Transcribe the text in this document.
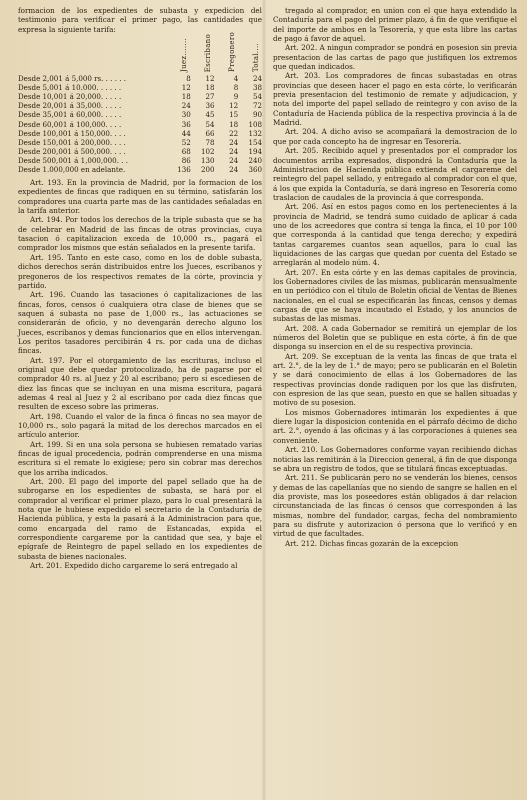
formacion de los expedientes de subasta y expedicion del testimonio para verificar el primer pago, las cantidades que expresa la siguiente tarifa:

Juez....... Escribano Pregonero Total....
Desde 2,001 á 5,000 rs. . . . . .	8	12	4	24
Desde 5,001 á 10.000. . . . . .	12	18	8	38
Desde 10,001 á 20,000. . . . .	18	27	9	54
Desde 20,001 á 35,000. . . . .	24	36	12	72
Desde 35,001 á 60,000. . . . .	30	45	15	90
Desde 60,001 á 100,000. . . .	36	54	18	108
Desde 100,001 á 150,000. . . .	44	66	22	132
Desde 150,001 á 200,000. . . .	52	78	24	154
Desde 200,001 á 500,000. . . .	68	102	24	194
Desde 500,001 á 1,000,000. . .	86	130	24	240
Desde 1.000,000 en adelante.	136	200	24	360

Art. 193. En la provincia de Madrid, por la formacion de los expedientes de fincas que radiquen en su término, satisfarán los compradores una cuarta parte mas de las cantidades señaladas en la tarifa anterior.

Art. 194. Por todos los derechos de la triple subasta que se ha de celebrar en Madrid de las fincas de otras provincias, cuya tasacion ó capitalizacion exceda de 10,000 rs., pagará el comprador los mismos que están señalados en la presente tarifa.

Art. 195. Tanto en este caso, como en los de doble subasta, dichos derechos serán distribuidos entre los Jueces, escribanos y pregoneros de los respectivos remates de la córte, provincia y partido.

Art. 196. Cuando las tasaciones ó capitalizaciones de las fincas, foros, censos ó cualquiera otra clase de bienes que se saquen á subasta no pase de 1,000 rs., las actuaciones se considerarán de oficio, y no devengarán derecho alguno los Jueces, escribanos y demas funcionarios que en ellos intervengan. Los peritos tasadores percibirán 4 rs. por cada una de dichas fincas.

Art. 197. Por el otorgamiento de las escrituras, incluso el original que debe quedar protocolizado, ha de pagarse por el comprador 40 rs. al Juez y 20 al escribano; pero si escediesen de diez las fincas que se incluyan en una misma escritura, pagará ademas 4 real al Juez y 2 al escribano por cada diez fincas que resulten de exceso sobre las primeras.

Art. 198. Cuando el valor de la finca ó fincas no sea mayor de 10,000 rs., solo pagará la mitad de los derechos marcados en el artículo anterior.

Art. 199. Si en una sola persona se hubiesen rematado varias fincas de igual procedencia, podrán comprenderse en una misma escritura si el remate lo exigiese; pero sin cobrar mas derechos que los arriba indicados.

Art. 200. El pago del importe del papel sellado que ha de subrogarse en los espedientes de subasta, se hará por el comprador al verificar el primer plazo, para lo cual presentará la nota que le hubiese expedido el secretario de la Contaduría de Hacienda pública, y esta la pasará á la Administracion para que, como encargada del ramo de Estancadas, expida el correspondiente cargareme por la cantidad que sea, y baje el epígrafe de Reintegro de papel sellado en los expedientes de subasta de bienes nacionales.

Art. 201. Expedido dicho cargareme lo será entregado al

tregado al comprador, en union con el que haya extendido la Contaduría para el pago del primer plazo, á fin de que verifique el del importe de ambos en la Tesorería, y que esta libre las cartas de pago á favor de aquel.

Art. 202. A ningun comprador se pondrá en posesion sin previa presentacion de las cartas de pago que justifiquen los extremos que quedan indicados.

Art. 203. Los compradores de fincas subastadas en otras provincias que deseen hacer el pago en esta córte, lo verificarán previa presentacion del testimonio de remate y adjudicacion, y nota del importe del papel sellado de reintegro y con aviso de la Contaduría de Hacienda pública de la respectiva provincia á la de Madrid.

Art. 204. A dicho aviso se acompañará la demostracion de lo que por cada concepto ha de ingresar en Tesorería.

Art. 205. Recibido aquel y presentados por el comprador los documentos arriba expresados, dispondrá la Contaduría que la Administracion de Hacienda pública extienda el cargareme del reintegro del papel sellado, y entregado al comprador con el que, á los que expida la Contaduría, se dará ingreso en Tesorería como traslacion de caudales de la provincia á que corresponda.

Art. 206. Así en estos pagos como en los pertenecientes á la provincia de Madrid, se tendrá sumo cuidado de aplicar á cada uno de los acreedores que contra sí tenga la finca, el 10 por 100 que corresponda á la cantidad que tenga derecho; y expedirá tantas cargaremes cuantos sean aquellos, para lo cual las liquidaciones de las cargas que quedan por cuenta del Estado se arreglarán al modelo núm. 4.

Art. 207. En esta córte y en las demas capitales de provincia, los Gobernadores civiles de las mismas, publicarán mensualmente en un periódico con el título de Boletin oficial de Ventas de Bienes nacionales, en el cual se especificarán las fincas, censos y demas cargas de que se haya incautado el Estado, y los anuncios de subastas de las mismas.

Art. 208. A cada Gobernador se remitirá un ejemplar de los números del Boletin que se publique en esta córte, á fin de que disponga su insercion en el de su respectiva provincia.

Art. 209. Se exceptuan de la venta las fincas de que trata el art. 2.°, de la ley de 1.° de mayo; pero se publicarán en el Boletin y se dará conocimiento de ellas á los Gobernadores de las respectivas provincias donde radiquen por los que las disfruten, con espresion de las que sean, puesto en que se hallen situadas y motivo de su posesion.

Los mismos Gobernadores intimarán los expedientes á que diere lugar la disposicion contenida en el párrafo décimo de dicho art. 2.°, oyendo á las oficinas y á las corporaciones á quienes sea conveniente.

Art. 210. Los Gobernadores conforme vayan recibiendo dichas noticias las remitirán á la Direccion general, á fin de que disponga se abra un registro de todos, que se titulará fincas exceptuadas.

Art. 211. Se publicarán pero no se venderán los bienes, censos y demas de las capellanías que no siendo de sangre se hallen en el dia proviste, mas los poseedores están obligados á dar relacion circunstanciada de las fincas ó censos que corresponden á las mismas, nombre del fundador, cargas, fecha del nombramiento para su disfrute y autorizacion ó persona que lo verificó y en virtud de que facultades.

Art. 212. Dichas fincas gozarán de la excepcion
